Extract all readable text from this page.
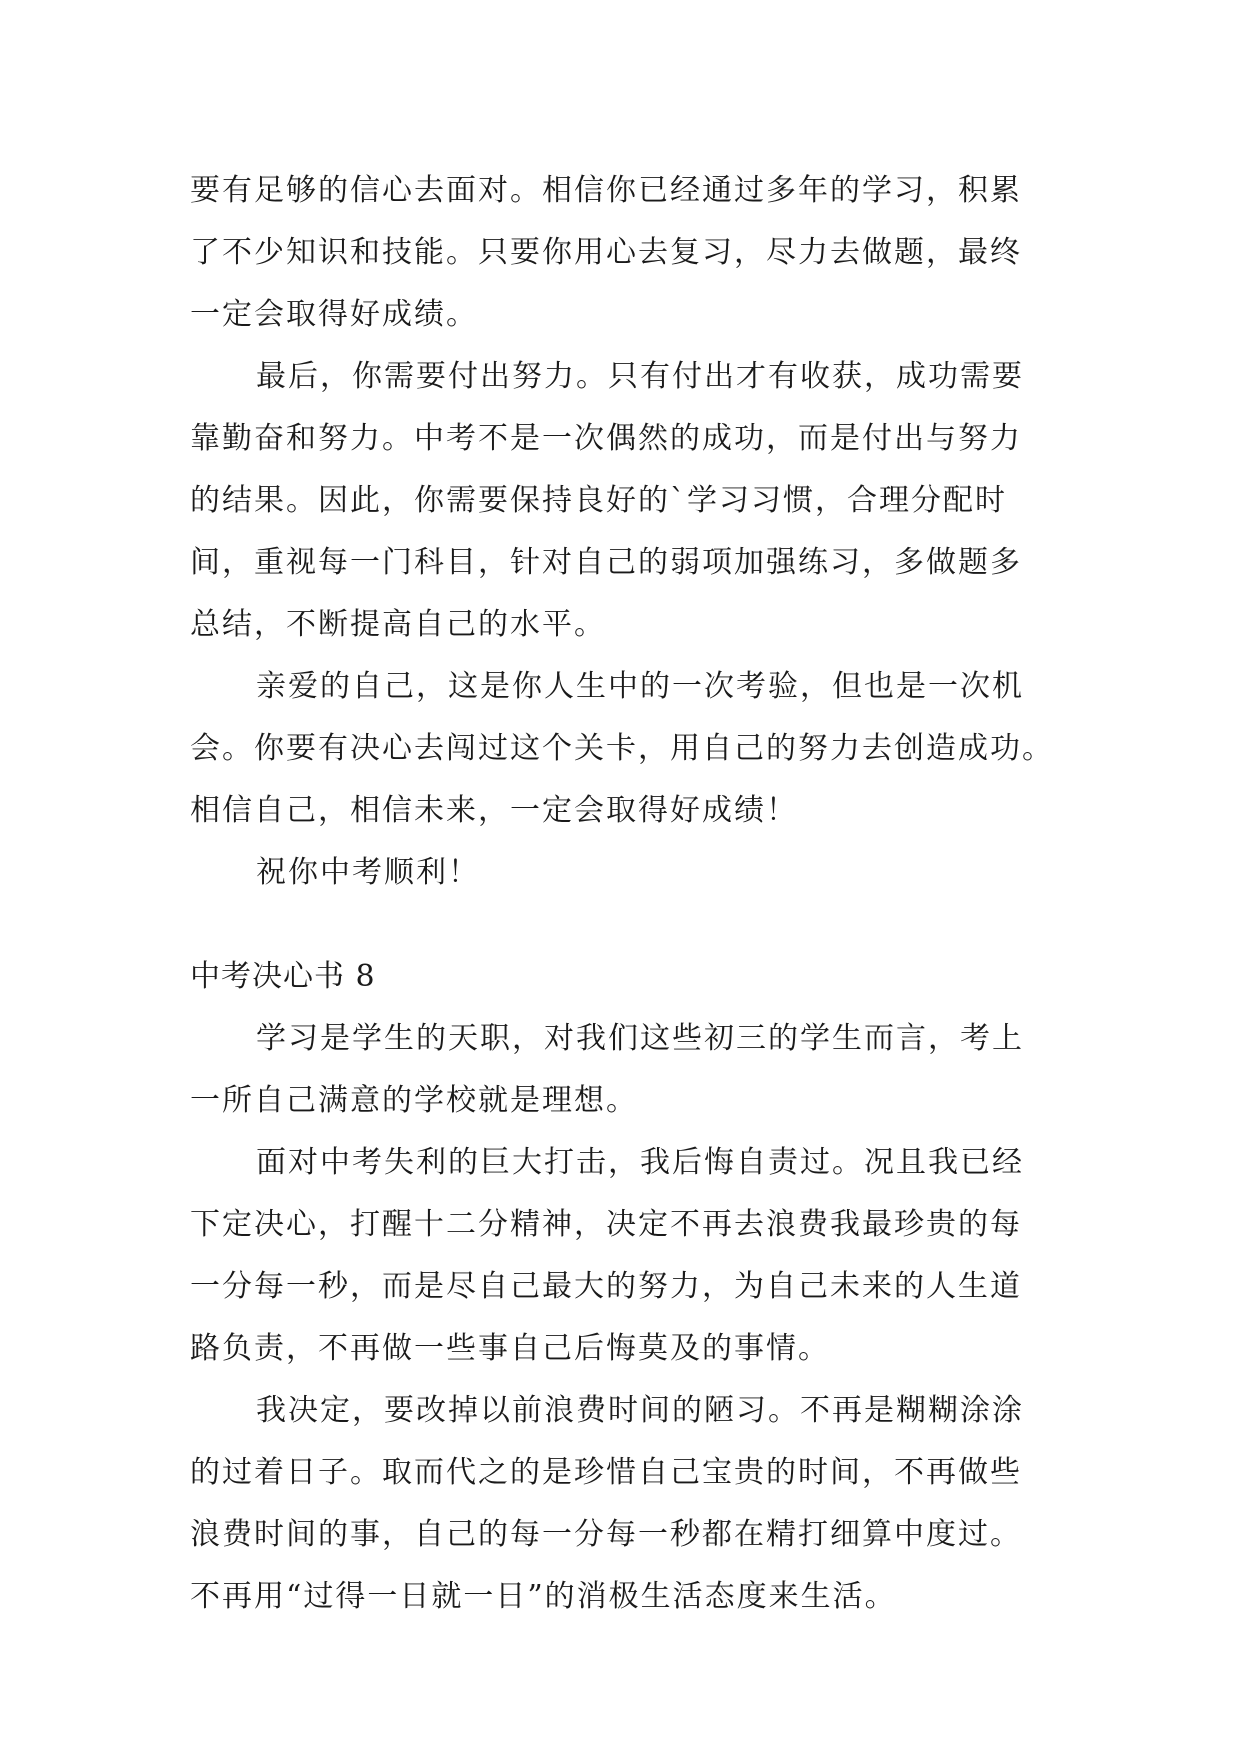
要有足够的信心去面对。相信你已经通过多年的学习，积累
了不少知识和技能。只要你用心去复习，尽力去做题，最终
一定会取得好成绩。
最后，你需要付出努力。只有付出才有收获，成功需要
靠勤奋和努力。中考不是一次偶然的成功，而是付出与努力
的结果。因此，你需要保持良好的`学习习惯，合理分配时
间，重视每一门科目，针对自己的弱项加强练习，多做题多
总结，不断提高自己的水平。
亲爱的自己，这是你人生中的一次考验，但也是一次机
会。你要有决心去闯过这个关卡，用自己的努力去创造成功。
相信自己，相信未来，一定会取得好成绩！
祝你中考顺利！
中考决心书 8
学习是学生的天职，对我们这些初三的学生而言，考上
一所自己满意的学校就是理想。
面对中考失利的巨大打击，我后悔自责过。况且我已经
下定决心，打醒十二分精神，决定不再去浪费我最珍贵的每
一分每一秒，而是尽自己最大的努力，为自己未来的人生道
路负责，不再做一些事自己后悔莫及的事情。
我决定，要改掉以前浪费时间的陋习。不再是糊糊涂涂
的过着日子。取而代之的是珍惜自己宝贵的时间，不再做些
浪费时间的事，自己的每一分每一秒都在精打细算中度过。
不再用“过得一日就一日”的消极生活态度来生活。
